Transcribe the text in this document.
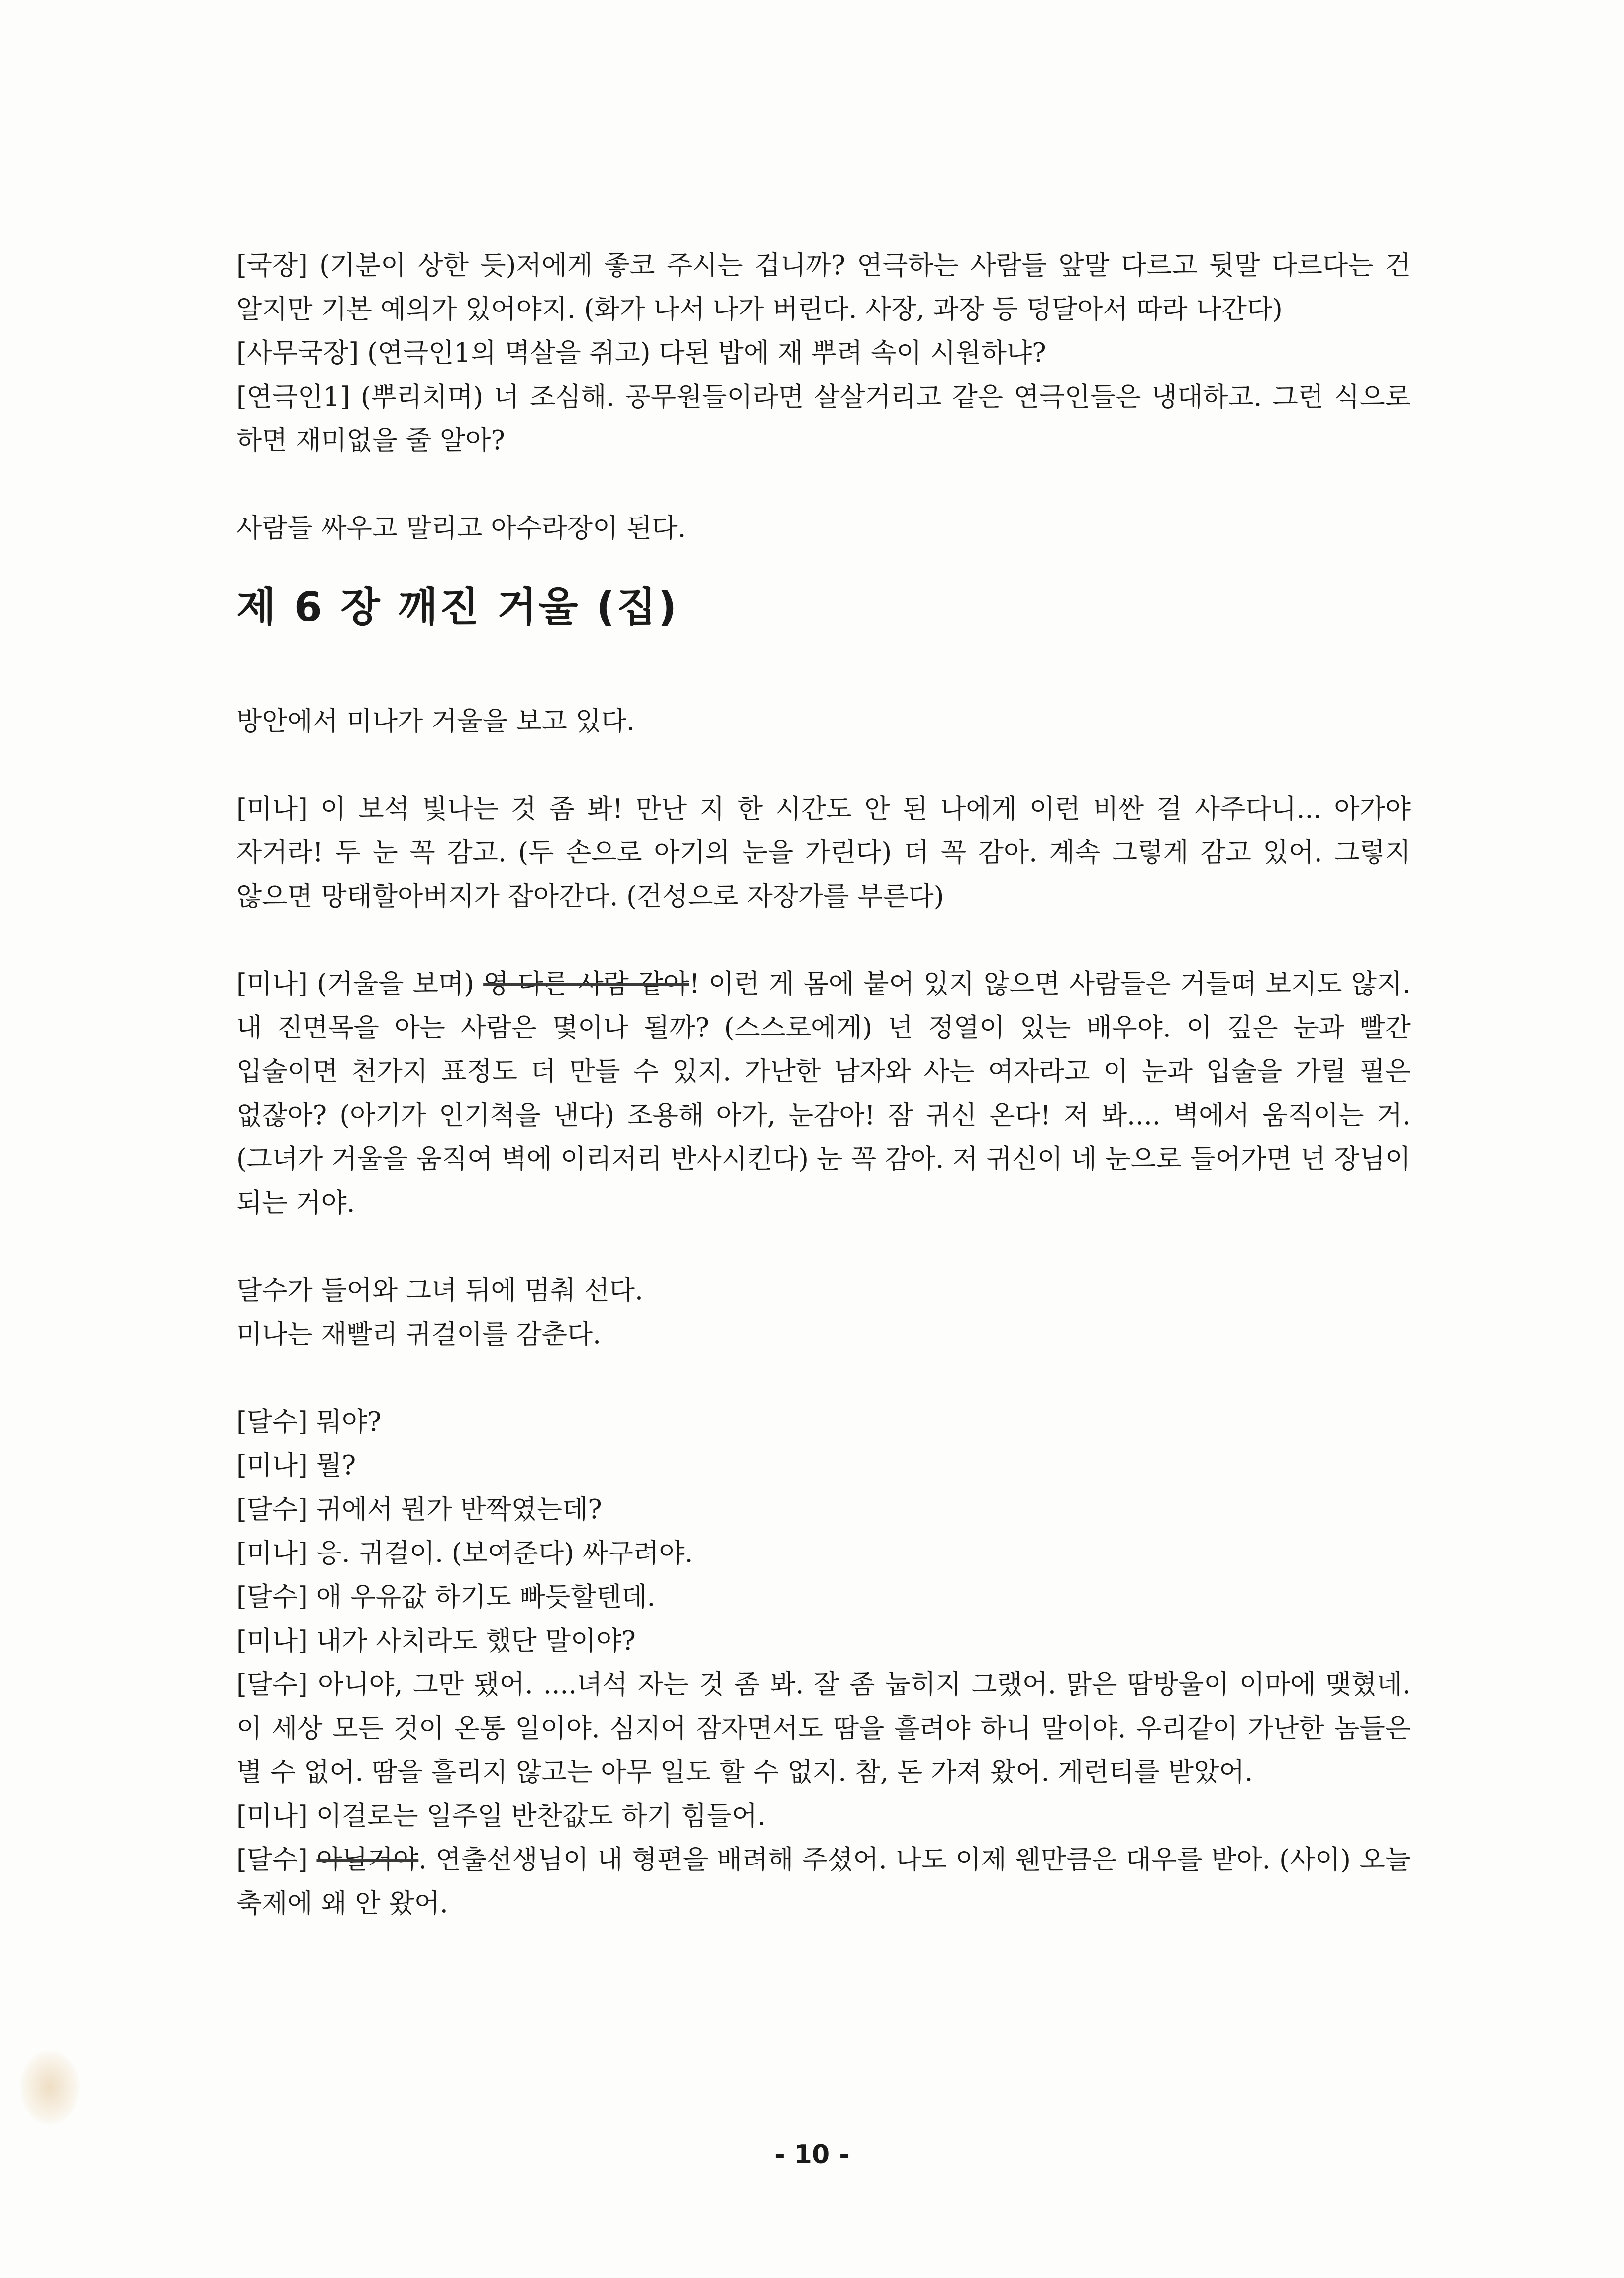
[국장] (기분이 상한 듯)저에게 좋코 주시는 겁니까? 연극하는 사람들 앞말 다르고 뒷말 다르다는 건 알지만 기본 예의가 있어야지. (화가 나서 나가 버린다. 사장, 과장 등 덩달아서 따라 나간다)

[사무국장] (연극인1의 멱살을 쥐고) 다된 밥에 재 뿌려 속이 시원하냐?

[연극인1] (뿌리치며) 너 조심해. 공무원들이라면 살살거리고 같은 연극인들은 냉대하고. 그런 식으로 하면 재미없을 줄 알아?

사람들 싸우고 말리고 아수라장이 된다.

제 6 장 깨진 거울 (집)

방안에서 미나가 거울을 보고 있다.

[미나] 이 보석 빛나는 것 좀 봐! 만난 지 한 시간도 안 된 나에게 이런 비싼 걸 사주다니... 아가야 자거라! 두 눈 꼭 감고. (두 손으로 아기의 눈을 가린다) 더 꼭 감아. 계속 그렇게 감고 있어. 그렇지 않으면 망태할아버지가 잡아간다. (건성으로 자장가를 부른다)

[미나] (거울을 보며) 영 다른 사람 같아! 이런 게 몸에 붙어 있지 않으면 사람들은 거들떠 보지도 않지. 내 진면목을 아는 사람은 몇이나 될까? (스스로에게) 넌 정열이 있는 배우야. 이 깊은 눈과 빨간 입술이면 천가지 표정도 더 만들 수 있지. 가난한 남자와 사는 여자라고 이 눈과 입술을 가릴 필은 없잖아? (아기가 인기척을 낸다) 조용해 아가, 눈감아! 잠 귀신 온다! 저 봐.... 벽에서 움직이는 거. (그녀가 거울을 움직여 벽에 이리저리 반사시킨다) 눈 꼭 감아. 저 귀신이 네 눈으로 들어가면 넌 장님이 되는 거야.

달수가 들어와 그녀 뒤에 멈춰 선다.

미나는 재빨리 귀걸이를 감춘다.

[달수] 뭐야?

[미나] 뭘?

[달수] 귀에서 뭔가 반짝였는데?

[미나] 응. 귀걸이. (보여준다) 싸구려야.

[달수] 애 우유값 하기도 빠듯할텐데.

[미나] 내가 사치라도 했단 말이야?

[달수] 아니야, 그만 됐어. ....녀석 자는 것 좀 봐. 잘 좀 눕히지 그랬어. 맑은 땀방울이 이마에 맺혔네. 이 세상 모든 것이 온통 일이야. 심지어 잠자면서도 땀을 흘려야 하니 말이야. 우리같이 가난한 놈들은 별 수 없어. 땀을 흘리지 않고는 아무 일도 할 수 없지. 참, 돈 가져 왔어. 게런티를 받았어.

[미나] 이걸로는 일주일 반찬값도 하기 힘들어.

[달수] 아닐거야. 연출선생님이 내 형편을 배려해 주셨어. 나도 이제 웬만큼은 대우를 받아. (사이) 오늘 축제에 왜 안 왔어.

- 10 -
